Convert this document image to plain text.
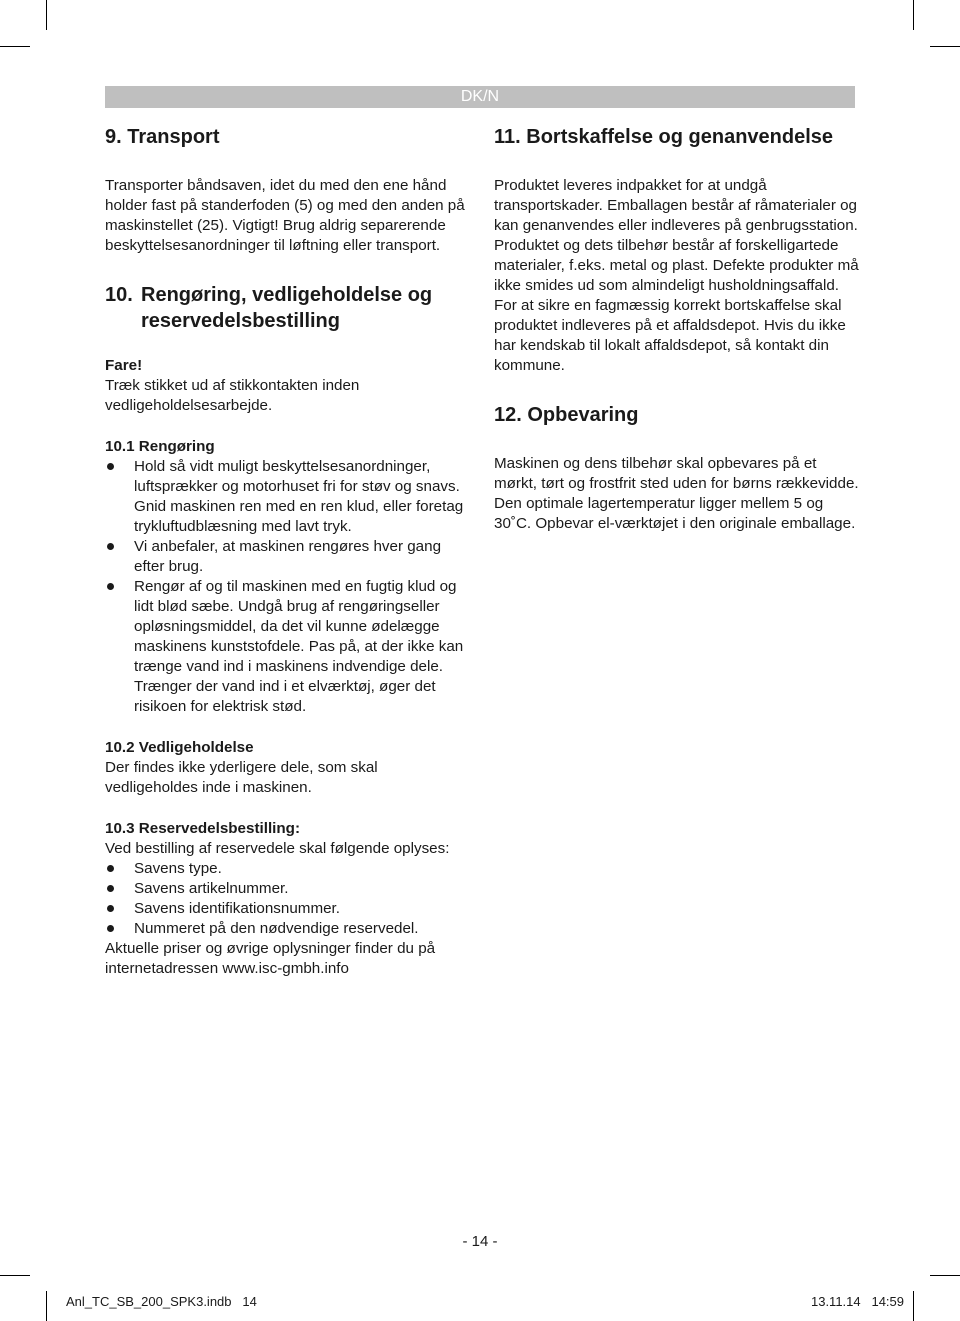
DK/N
9. Transport

Transporter båndsaven, idet du med den ene hånd holder fast på standerfoden (5) og med den anden på maskinstellet (25). Vigtigt! Brug aldrig separerende beskyttelsesanordninger til løftning eller transport.

10. Rengøring, vedligeholdelse og reservedelsbestilling
Fare!

Træk stikket ud af stikkontakten inden vedligeholdelsesarbejde.

10.1 Rengøring
Hold så vidt muligt beskyttelsesanordninger, luftsprækker og motorhuset fri for støv og snavs. Gnid maskinen ren med en ren klud, eller foretag trykluftudblæsning med lavt tryk.
Vi anbefaler, at maskinen rengøres hver gang efter brug.
Rengør af og til maskinen med en fugtig klud og lidt blød sæbe. Undgå brug af rengøringseller opløsningsmiddel, da det vil kunne ødelægge maskinens kunststofdele. Pas på, at der ikke kan trænge vand ind i maskinens indvendige dele. Trænger der vand ind i et elværktøj, øger det risikoen for elektrisk stød.
10.2 Vedligeholdelse

Der findes ikke yderligere dele, som skal vedligeholdes inde i maskinen.

10.3 Reservedelsbestilling:

Ved bestilling af reservedele skal følgende oplyses:

Savens type.
Savens artikelnummer.
Savens identifikationsnummer.
Nummeret på den nødvendige reservedel.

Aktuelle priser og øvrige oplysninger finder du på internetadressen www.isc-gmbh.info

11. Bortskaffelse og genanvendelse

Produktet leveres indpakket for at undgå transportskader. Emballagen består af råmaterialer og kan genanvendes eller indleveres på genbrugsstation. Produktet og dets tilbehør består af forskelligartede materialer, f.eks. metal og plast. Defekte produkter må ikke smides ud som almindeligt husholdningsaffald. For at sikre en fagmæssig korrekt bortskaffelse skal produktet indleveres på et affaldsdepot. Hvis du ikke har kendskab til lokalt affaldsdepot, så kontakt din kommune.

12. Opbevaring

Maskinen og dens tilbehør skal opbevares på et mørkt, tørt og frostfrit sted uden for børns rækkevidde. Den optimale lagertemperatur ligger mellem 5 og 30˚C. Opbevar el-værktøjet i den originale emballage.

- 14 -
Anl_TC_SB_200_SPK3.indb   14	13.11.14   14:59
